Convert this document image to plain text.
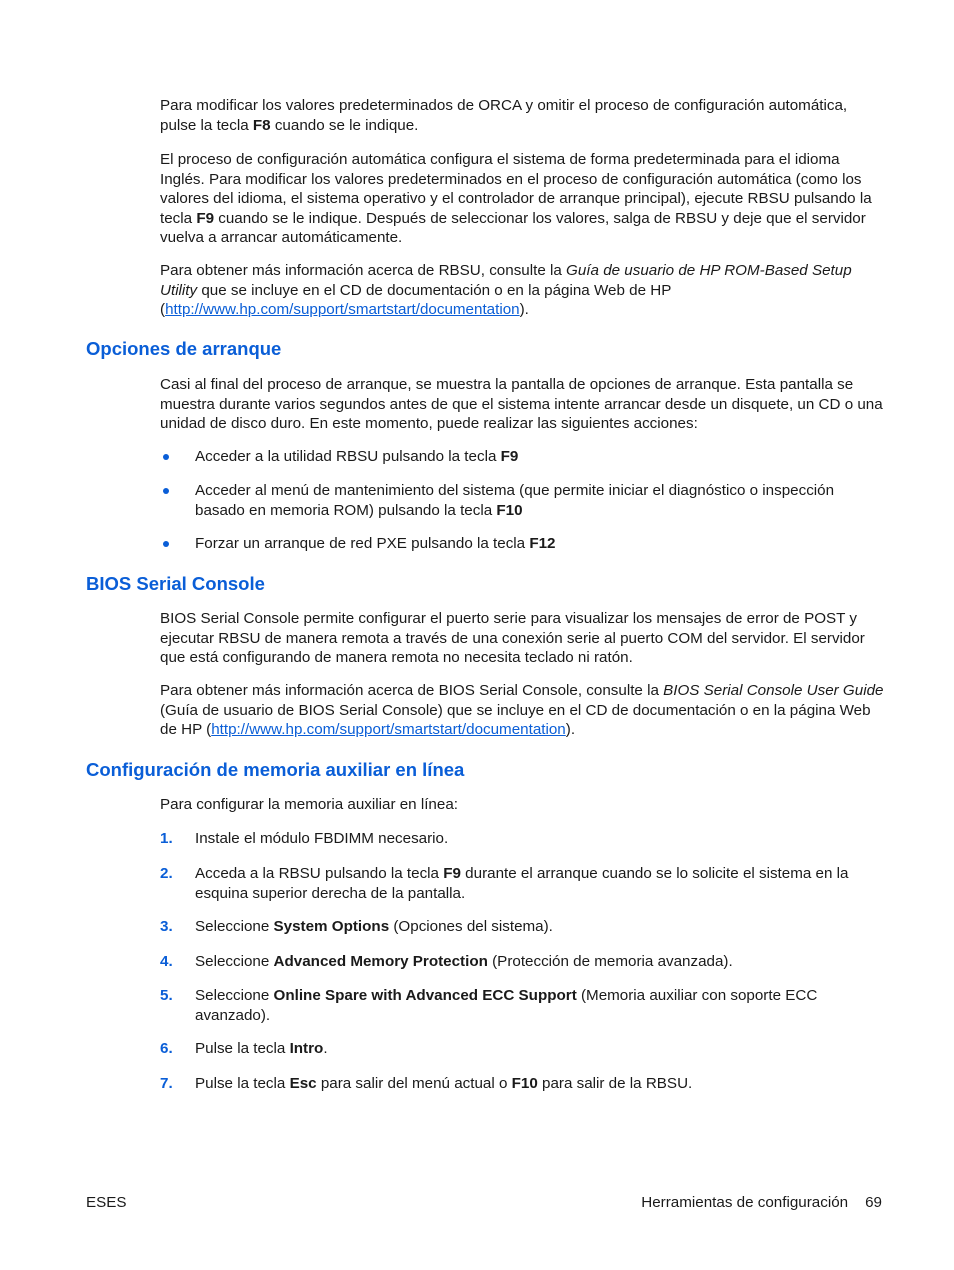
Para modificar los valores predeterminados de ORCA y omitir el proceso de configuración automática, pulse la tecla F8 cuando se le indique.

El proceso de configuración automática configura el sistema de forma predeterminada para el idioma Inglés. Para modificar los valores predeterminados en el proceso de configuración automática (como los valores del idioma, el sistema operativo y el controlador de arranque principal), ejecute RBSU pulsando la tecla F9 cuando se le indique. Después de seleccionar los valores, salga de RBSU y deje que el servidor vuelva a arrancar automáticamente.

Para obtener más información acerca de RBSU, consulte la Guía de usuario de HP ROM-Based Setup Utility que se incluye en el CD de documentación o en la página Web de HP (http://www.hp.com/support/smartstart/documentation).

Opciones de arranque

Casi al final del proceso de arranque, se muestra la pantalla de opciones de arranque. Esta pantalla se muestra durante varios segundos antes de que el sistema intente arrancar desde un disquete, un CD o una unidad de disco duro. En este momento, puede realizar las siguientes acciones:

Acceder a la utilidad RBSU pulsando la tecla F9
Acceder al menú de mantenimiento del sistema (que permite iniciar el diagnóstico o inspección basado en memoria ROM) pulsando la tecla F10
Forzar un arranque de red PXE pulsando la tecla F12
BIOS Serial Console

BIOS Serial Console permite configurar el puerto serie para visualizar los mensajes de error de POST y ejecutar RBSU de manera remota a través de una conexión serie al puerto COM del servidor. El servidor que está configurando de manera remota no necesita teclado ni ratón.

Para obtener más información acerca de BIOS Serial Console, consulte la BIOS Serial Console User Guide (Guía de usuario de BIOS Serial Console) que se incluye en el CD de documentación o en la página Web de HP (http://www.hp.com/support/smartstart/documentation).

Configuración de memoria auxiliar en línea

Para configurar la memoria auxiliar en línea:

1.	Instale el módulo FBDIMM necesario.
2.	Acceda a la RBSU pulsando la tecla F9 durante el arranque cuando se lo solicite el sistema en la esquina superior derecha de la pantalla.
3.	Seleccione System Options (Opciones del sistema).
4.	Seleccione Advanced Memory Protection (Protección de memoria avanzada).
5.	Seleccione Online Spare with Advanced ECC Support (Memoria auxiliar con soporte ECC avanzado).
6.	Pulse la tecla Intro.
7.	Pulse la tecla Esc para salir del menú actual o F10 para salir de la RBSU.
ESES	Herramientas de configuración 69
